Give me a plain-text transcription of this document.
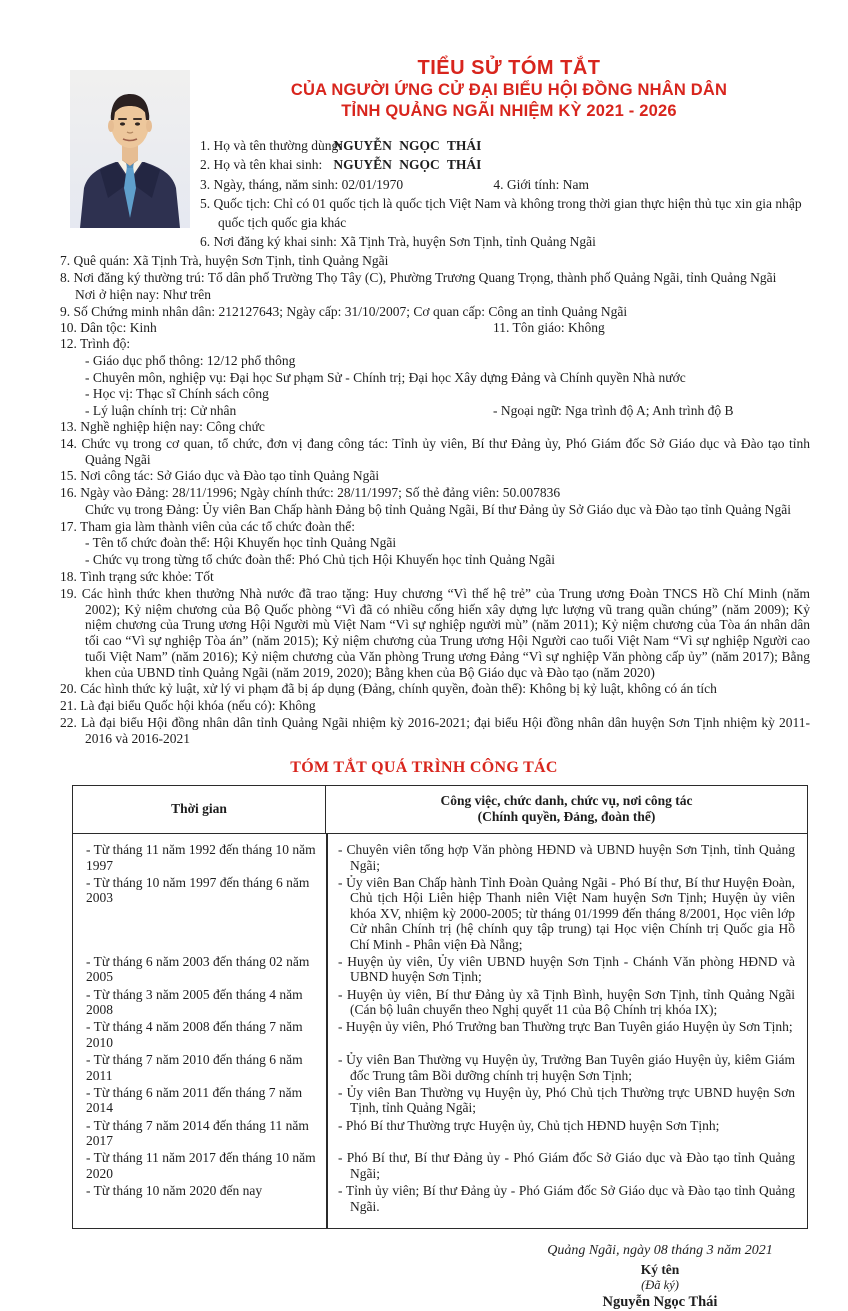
TIỂU SỬ TÓM TẮT
CỦA NGƯỜI ỨNG CỬ ĐẠI BIỂU HỘI ĐỒNG NHÂN DÂN
TỈNH QUẢNG NGÃI NHIỆM KỲ 2021 - 2026
1. Họ và tên thường dùng: NGUYỄN NGỌC THÁI
2. Họ và tên khai sinh: NGUYỄN NGỌC THÁI
3. Ngày, tháng, năm sinh: 02/01/1970	4. Giới tính: Nam
5. Quốc tịch: Chỉ có 01 quốc tịch là quốc tịch Việt Nam và không trong thời gian thực hiện thủ tục xin gia nhập quốc tịch quốc gia khác
6. Nơi đăng ký khai sinh: Xã Tịnh Trà, huyện Sơn Tịnh, tỉnh Quảng Ngãi

7. Quê quán: Xã Tịnh Trà, huyện Sơn Tịnh, tỉnh Quảng Ngãi

8. Nơi đăng ký thường trú: Tổ dân phố Trường Thọ Tây (C), Phường Trương Quang Trọng, thành phố Quảng Ngãi, tỉnh Quảng Ngãi

Nơi ở hiện nay: Như trên

9. Số Chứng minh nhân dân: 212127643; Ngày cấp: 31/10/2007; Cơ quan cấp: Công an tỉnh Quảng Ngãi

10. Dân tộc: Kinh	11. Tôn giáo: Không

12. Trình độ:

- Giáo dục phổ thông: 12/12 phổ thông

- Chuyên môn, nghiệp vụ: Đại học Sư phạm Sử - Chính trị; Đại học Xây dựng Đảng và Chính quyền Nhà nước

- Học vị: Thạc sĩ Chính sách công

- Lý luận chính trị: Cử nhân	- Ngoại ngữ: Nga trình độ A; Anh trình độ B

13. Nghề nghiệp hiện nay: Công chức

14. Chức vụ trong cơ quan, tổ chức, đơn vị đang công tác: Tỉnh ủy viên, Bí thư Đảng ủy, Phó Giám đốc Sở Giáo dục và Đào tạo tỉnh Quảng Ngãi

15. Nơi công tác: Sở Giáo dục và Đào tạo tỉnh Quảng Ngãi

16. Ngày vào Đảng: 28/11/1996; Ngày chính thức: 28/11/1997; Số thẻ đảng viên: 50.007836

Chức vụ trong Đảng: Ủy viên Ban Chấp hành Đảng bộ tỉnh Quảng Ngãi, Bí thư Đảng ủy Sở Giáo dục và Đào tạo tỉnh Quảng Ngãi

17. Tham gia làm thành viên của các tổ chức đoàn thể:

- Tên tổ chức đoàn thể: Hội Khuyến học tỉnh Quảng Ngãi

- Chức vụ trong từng tổ chức đoàn thể: Phó Chủ tịch Hội Khuyến học tỉnh Quảng Ngãi

18. Tình trạng sức khỏe: Tốt

19. Các hình thức khen thưởng Nhà nước đã trao tặng: Huy chương “Vì thế hệ trẻ” của Trung ương Đoàn TNCS Hồ Chí Minh (năm 2002); Kỷ niệm chương của Bộ Quốc phòng “Vì đã có nhiều cống hiến xây dựng lực lượng vũ trang quần chúng” (năm 2009); Kỷ niệm chương của Trung ương Hội Người mù Việt Nam “Vì sự nghiệp người mù” (năm 2011); Kỷ niệm chương của Tòa án nhân dân tối cao “Vì sự nghiệp Tòa án” (năm 2015); Kỷ niệm chương của Trung ương Hội Người cao tuổi Việt Nam “Vì sự nghiệp Người cao tuổi Việt Nam” (năm 2016); Kỷ niệm chương của Văn phòng Trung ương Đảng “Vì sự nghiệp Văn phòng cấp ủy” (năm 2017); Bằng khen của UBND tỉnh Quảng Ngãi (năm 2019, 2020); Bằng khen của Bộ Giáo dục và Đào tạo (năm 2020)

20. Các hình thức kỷ luật, xử lý vi phạm đã bị áp dụng (Đảng, chính quyền, đoàn thể): Không bị kỷ luật, không có án tích

21. Là đại biểu Quốc hội khóa (nếu có): Không

22. Là đại biểu Hội đồng nhân dân tỉnh Quảng Ngãi nhiệm kỳ 2016-2021; đại biểu Hội đồng nhân dân huyện Sơn Tịnh nhiệm kỳ 2011-2016 và 2016-2021

TÓM TẮT QUÁ TRÌNH CÔNG TÁC
Thời gian
Công việc, chức danh, chức vụ, nơi công tác
(Chính quyền, Đảng, đoàn thể)
- Từ tháng 11 năm 1992 đến tháng 10 năm 1997
- Chuyên viên tổng hợp Văn phòng HĐND và UBND huyện Sơn Tịnh, tỉnh Quảng Ngãi;
- Từ tháng 10 năm 1997 đến tháng 6 năm 2003
- Ủy viên Ban Chấp hành Tỉnh Đoàn Quảng Ngãi - Phó Bí thư, Bí thư Huyện Đoàn, Chủ tịch Hội Liên hiệp Thanh niên Việt Nam huyện Sơn Tịnh; Huyện ủy viên khóa XV, nhiệm kỳ 2000-2005; từ tháng 01/1999 đến tháng 8/2001, Học viên lớp Cử nhân Chính trị (hệ chính quy tập trung) tại Học viện Chính trị Quốc gia Hồ Chí Minh - Phân viện Đà Nẵng;
- Từ tháng 6 năm 2003 đến tháng 02 năm 2005
- Huyện ủy viên, Ủy viên UBND huyện Sơn Tịnh - Chánh Văn phòng HĐND và UBND huyện Sơn Tịnh;
- Từ tháng 3 năm 2005 đến tháng 4 năm 2008
- Huyện ủy viên, Bí thư Đảng ủy xã Tịnh Bình, huyện Sơn Tịnh, tỉnh Quảng Ngãi (Cán bộ luân chuyển theo Nghị quyết 11 của Bộ Chính trị khóa IX);
- Từ tháng 4 năm 2008 đến tháng 7 năm 2010
- Huyện ủy viên, Phó Trưởng ban Thường trực Ban Tuyên giáo Huyện ủy Sơn Tịnh;
- Từ tháng 7 năm 2010 đến tháng 6 năm 2011
- Ủy viên Ban Thường vụ Huyện ủy, Trưởng Ban Tuyên giáo Huyện ủy, kiêm Giám đốc Trung tâm Bồi dưỡng chính trị huyện Sơn Tịnh;
- Từ tháng 6 năm 2011 đến tháng 7 năm 2014
- Ủy viên Ban Thường vụ Huyện ủy, Phó Chủ tịch Thường trực UBND huyện Sơn Tịnh, tỉnh Quảng Ngãi;
- Từ tháng 7 năm 2014 đến tháng 11 năm 2017
- Phó Bí thư Thường trực Huyện ủy, Chủ tịch HĐND huyện Sơn Tịnh;
- Từ tháng 11 năm 2017 đến tháng 10 năm 2020
- Phó Bí thư, Bí thư Đảng ủy - Phó Giám đốc Sở Giáo dục và Đào tạo tỉnh Quảng Ngãi;
- Từ tháng 10 năm 2020 đến nay	- Tỉnh ủy viên; Bí thư Đảng ủy - Phó Giám đốc Sở Giáo dục và Đào tạo tỉnh Quảng Ngãi.
Quảng Ngãi, ngày 08 tháng 3 năm 2021
Ký tên
(Đã ký)
Nguyễn Ngọc Thái
